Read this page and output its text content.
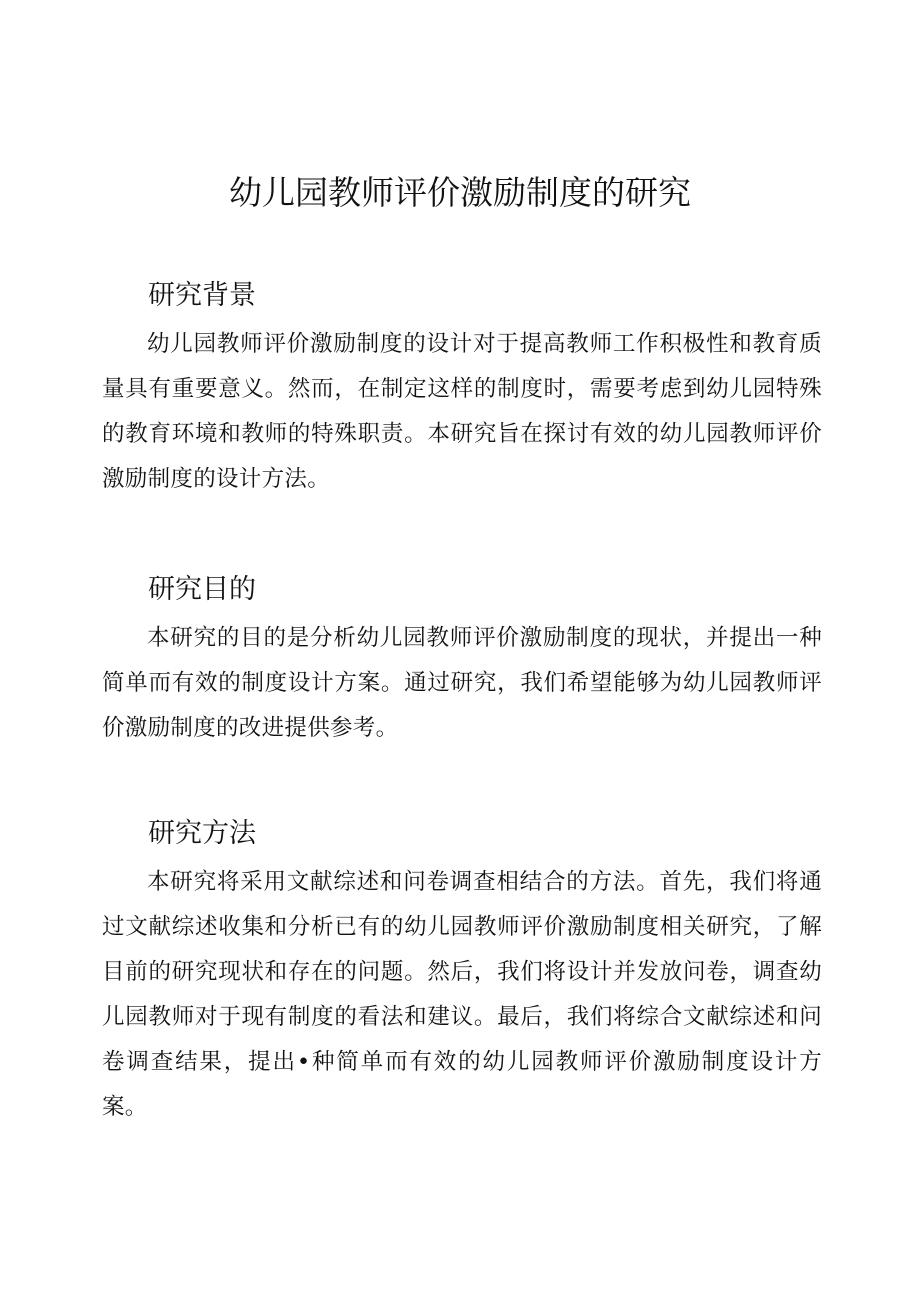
幼儿园教师评价激励制度的研究
研究背景

幼儿园教师评价激励制度的设计对于提高教师工作积极性和教育质量具有重要意义。然而，在制定这样的制度时，需要考虑到幼儿园特殊的教育环境和教师的特殊职责。本研究旨在探讨有效的幼儿园教师评价激励制度的设计方法。

研究目的

本研究的目的是分析幼儿园教师评价激励制度的现状，并提出一种简单而有效的制度设计方案。通过研究，我们希望能够为幼儿园教师评价激励制度的改进提供参考。

研究方法

本研究将采用文献综述和问卷调查相结合的方法。首先，我们将通过文献综述收集和分析已有的幼儿园教师评价激励制度相关研究，了解目前的研究现状和存在的问题。然后，我们将设计并发放问卷，调查幼儿园教师对于现有制度的看法和建议。最后，我们将综合文献综述和问卷调查结果，提出•种简单而有效的幼儿园教师评价激励制度设计方案。
